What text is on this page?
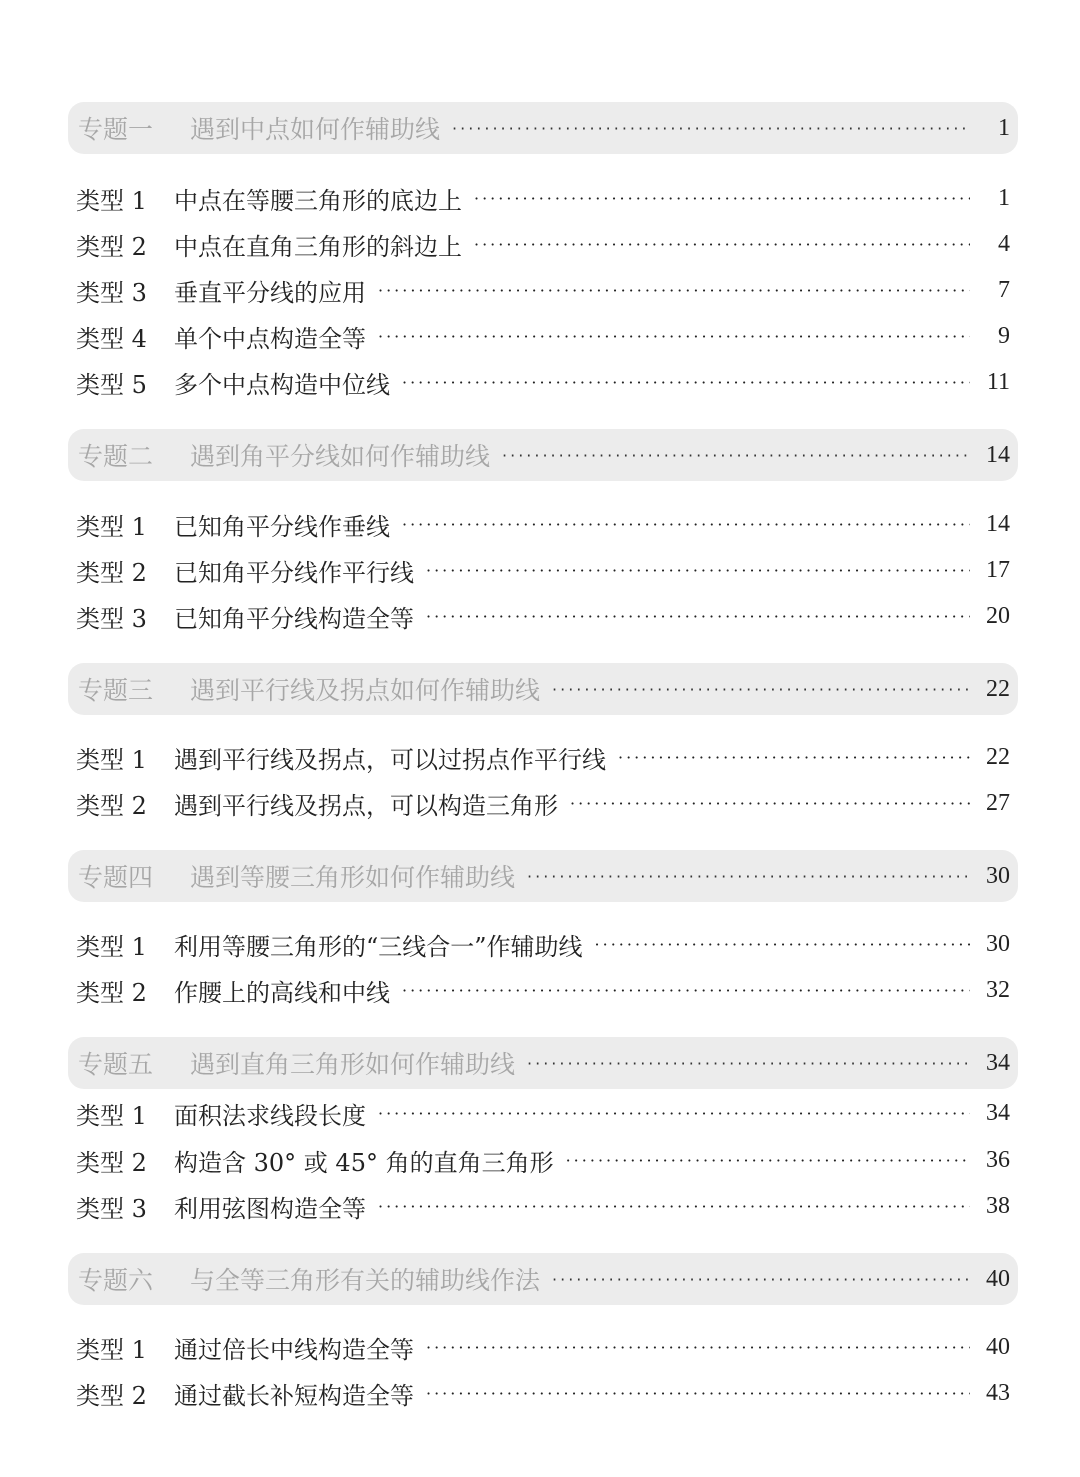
专题一	遇到中点如何作辅助线 ·····	1
类型 1	中点在等腰三角形的底边上 ·····	1
类型 2	中点在直角三角形的斜边上 ·····	4
类型 3	垂直平分线的应用 ·····	7
类型 4	单个中点构造全等 ·····	9
类型 5	多个中点构造中位线 ·····	11
专题二	遇到角平分线如何作辅助线 ·····	14
类型 1	已知角平分线作垂线 ·····	14
类型 2	已知角平分线作平行线 ·····	17
类型 3	已知角平分线构造全等 ·····	20
专题三	遇到平行线及拐点如何作辅助线 ·····	22
类型 1	遇到平行线及拐点，可以过拐点作平行线 ·····	22
类型 2	遇到平行线及拐点，可以构造三角形 ·····	27
专题四	遇到等腰三角形如何作辅助线 ·····	30
类型 1	利用等腰三角形的“三线合一”作辅助线 ·····	30
类型 2	作腰上的高线和中线 ·····	32
专题五	遇到直角三角形如何作辅助线 ·····	34
类型 1	面积法求线段长度 ·····	34
类型 2	构造含 30° 或 45° 角的直角三角形 ·····	36
类型 3	利用弦图构造全等 ·····	38
专题六	与全等三角形有关的辅助线作法 ·····	40
类型 1	通过倍长中线构造全等 ·····	40
类型 2	通过截长补短构造全等 ·····	43
